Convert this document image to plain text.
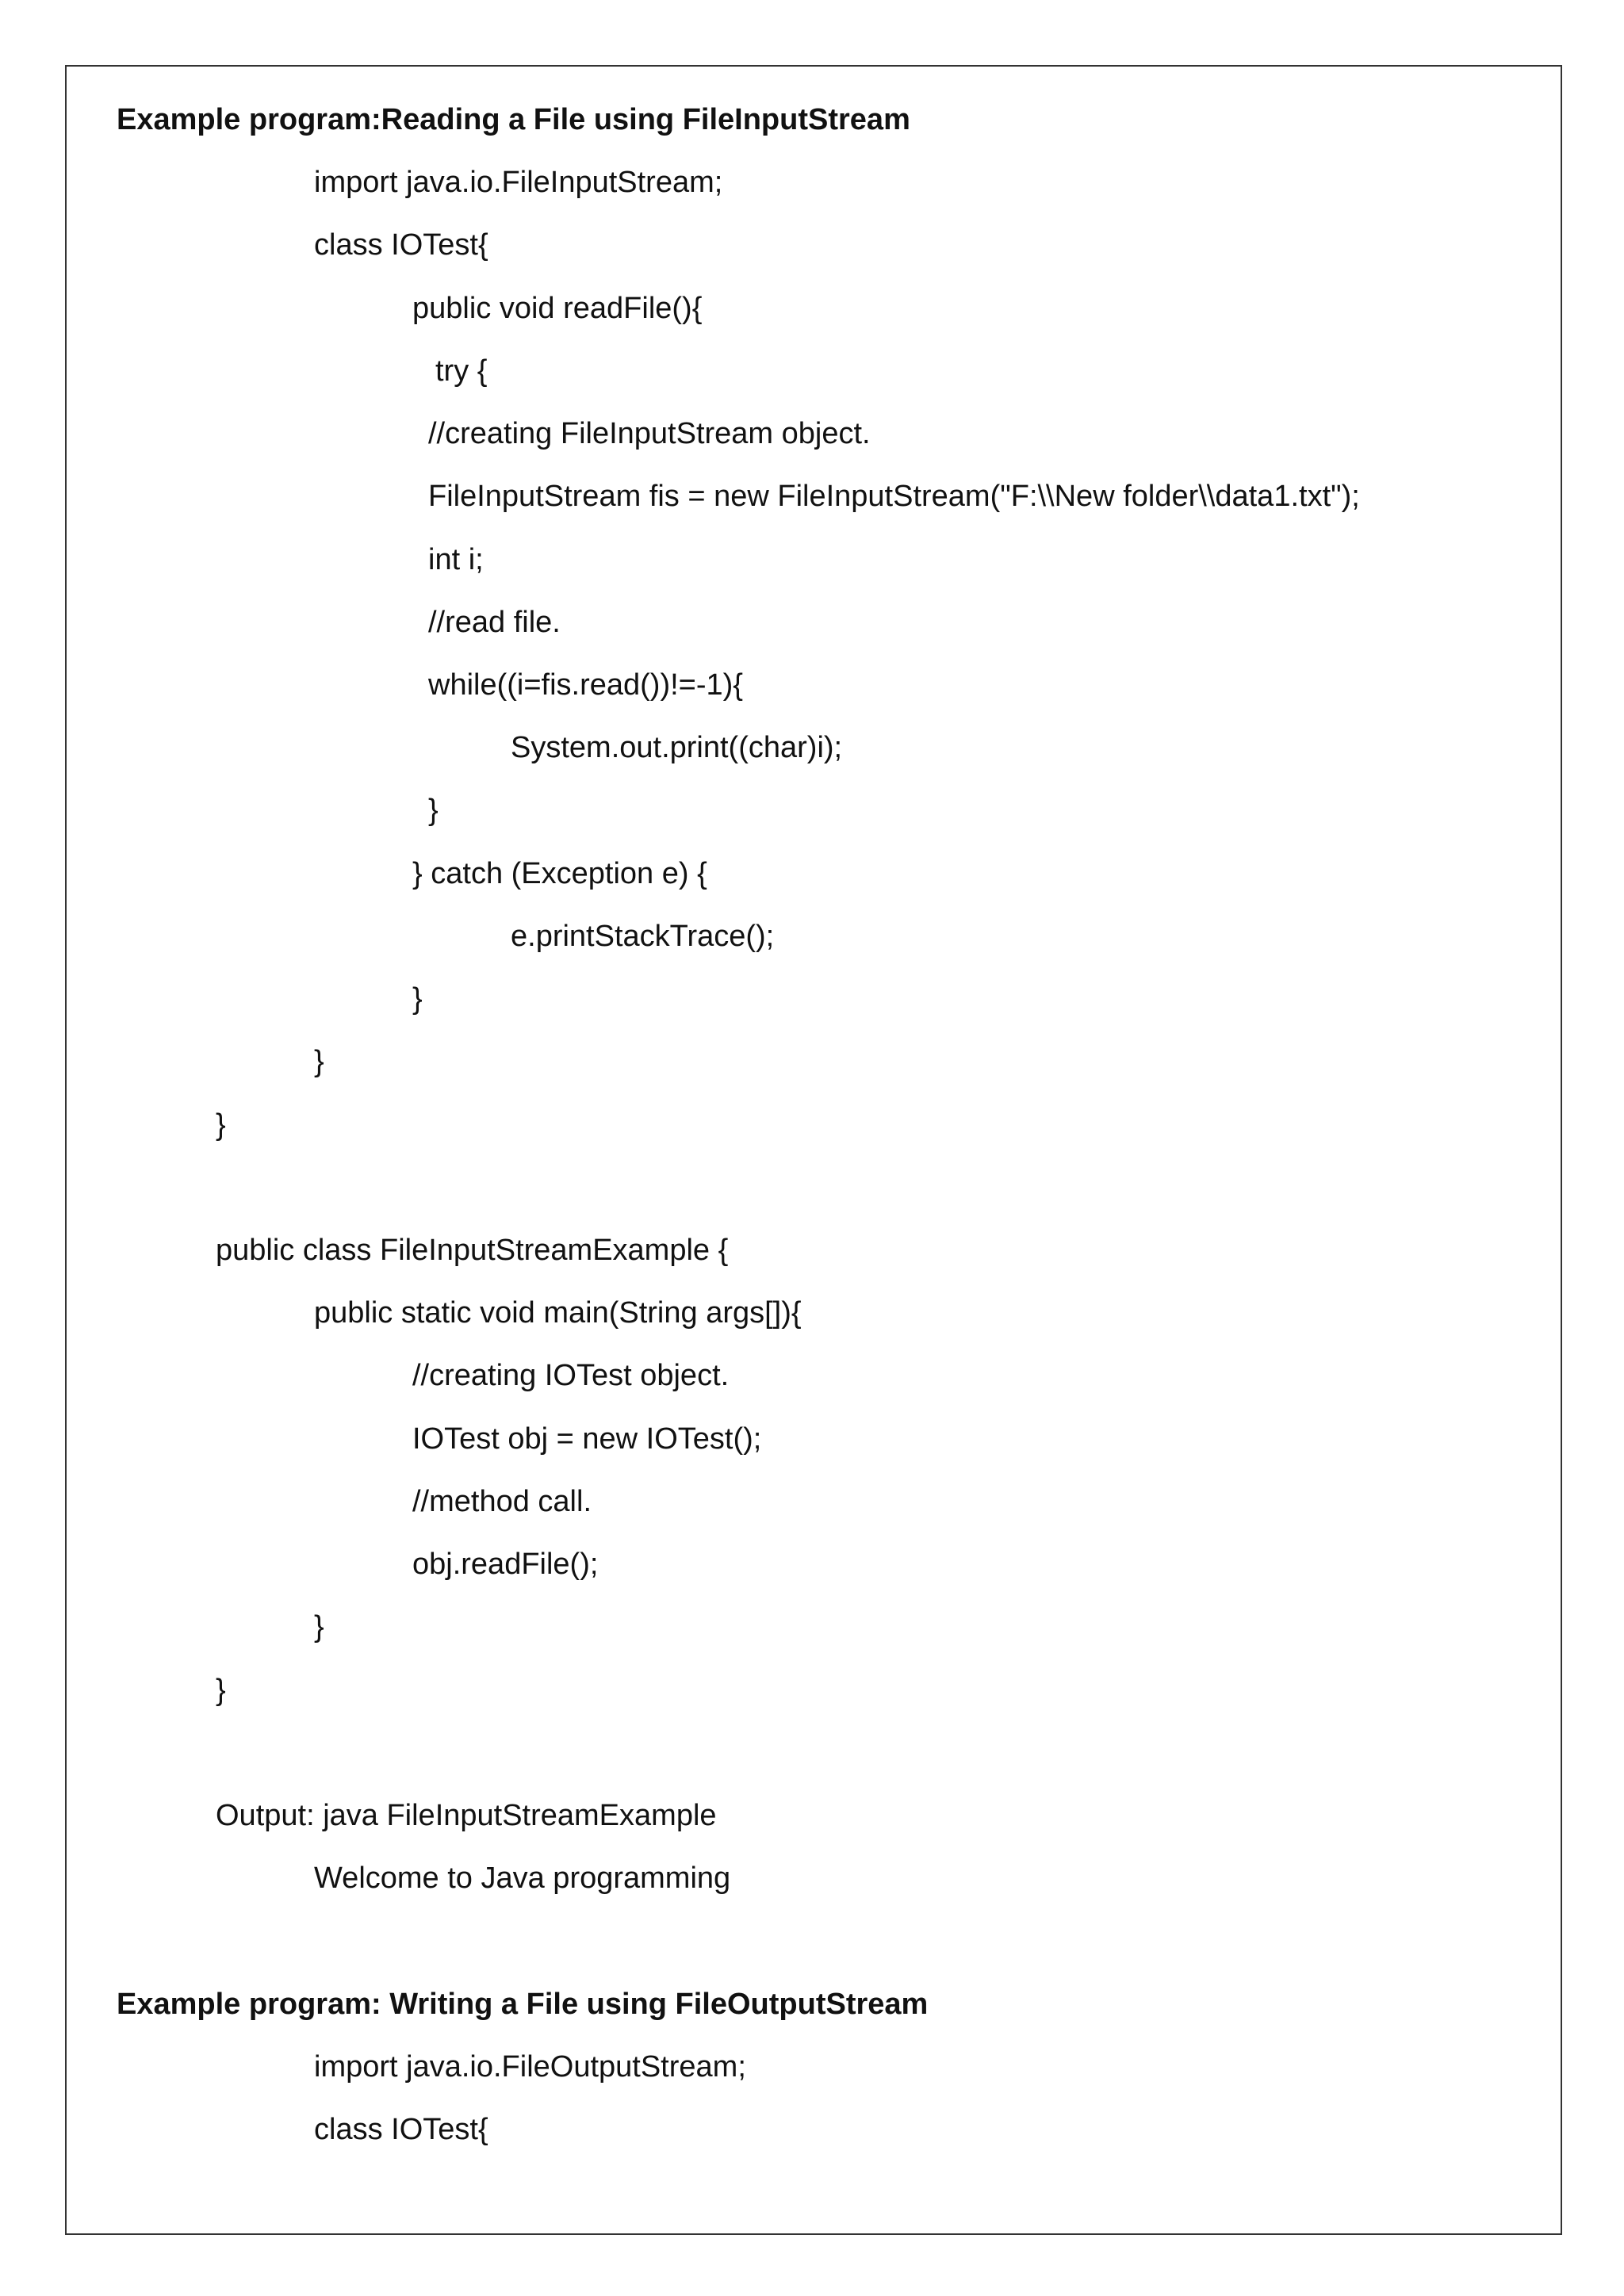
Example program:Reading a File using FileInputStream
import java.io.FileInputStream;
class IOTest{
public void readFile(){
try {
//creating FileInputStream object.
FileInputStream fis = new FileInputStream("F:\\New folder\\data1.txt");
int i;
//read file.
while((i=fis.read())!=-1){
System.out.print((char)i);
}
} catch (Exception e) {
e.printStackTrace();
}
}
}
public class FileInputStreamExample {
public static void main(String args[]){
//creating IOTest object.
IOTest obj = new IOTest();
//method call.
obj.readFile();
}
}
Output: java FileInputStreamExample
Welcome to Java programming
Example program: Writing a File using FileOutputStream
import java.io.FileOutputStream;
class IOTest{
